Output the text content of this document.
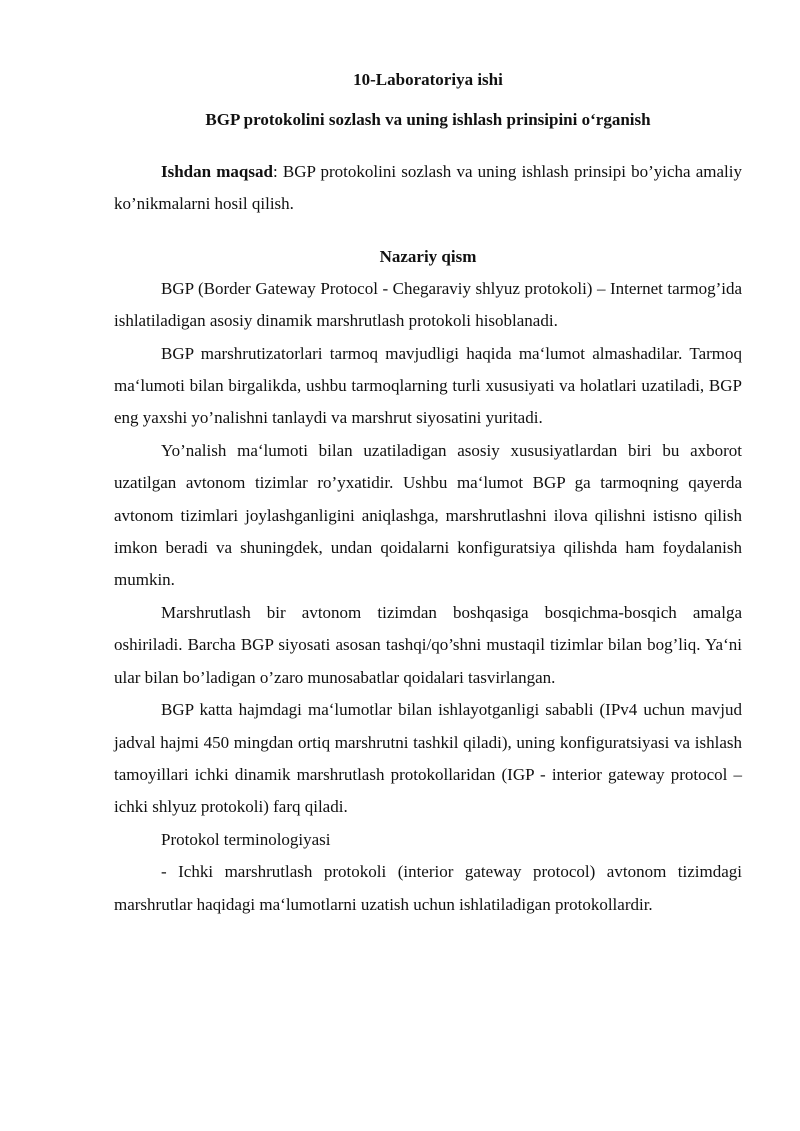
10-Laboratoriya ishi

BGP protokolini sozlash va uning ishlash prinsipini o‘rganish

Ishdan maqsad: BGP protokolini sozlash va uning ishlash prinsipi bo’yicha amaliy ko’nikmalarni hosil qilish.

Nazariy qism

BGP (Border Gateway Protocol - Chegaraviy shlyuz protokoli) – Internet tarmog’ida ishlatiladigan asosiy dinamik marshrutlash protokoli hisoblanadi.

BGP marshrutizatorlari tarmoq mavjudligi haqida ma‘lumot almashadilar. Tarmoq ma‘lumoti bilan birgalikda, ushbu tarmoqlarning turli xususiyati va holatlari uzatiladi, BGP eng yaxshi yo’nalishni tanlaydi va marshrut siyosatini yuritadi.

Yo’nalish ma‘lumoti bilan uzatiladigan asosiy xususiyatlardan biri bu axborot uzatilgan avtonom tizimlar ro’yxatidir. Ushbu ma‘lumot BGP ga tarmoqning qayerda avtonom tizimlari joylashganligini aniqlashga, marshrutlashni ilova qilishni istisno qilish imkon beradi va shuningdek, undan qoidalarni konfiguratsiya qilishda ham foydalanish mumkin.

Marshrutlash bir avtonom tizimdan boshqasiga bosqichma-bosqich amalga oshiriladi. Barcha BGP siyosati asosan tashqi/qo’shni mustaqil tizimlar bilan bog’liq. Ya‘ni ular bilan bo’ladigan o’zaro munosabatlar qoidalari tasvirlangan.

BGP katta hajmdagi ma‘lumotlar bilan ishlayotganligi sababli (IPv4 uchun mavjud jadval hajmi 450 mingdan ortiq marshrutni tashkil qiladi), uning konfiguratsiyasi va ishlash tamoyillari ichki dinamik marshrutlash protokollaridan (IGP - interior gateway protocol – ichki shlyuz protokoli) farq qiladi.

Protokol terminologiyasi

- Ichki marshrutlash protokoli (interior gateway protocol) avtonom tizimdagi marshrutlar haqidagi ma‘lumotlarni uzatish uchun ishlatiladigan protokollardir.
